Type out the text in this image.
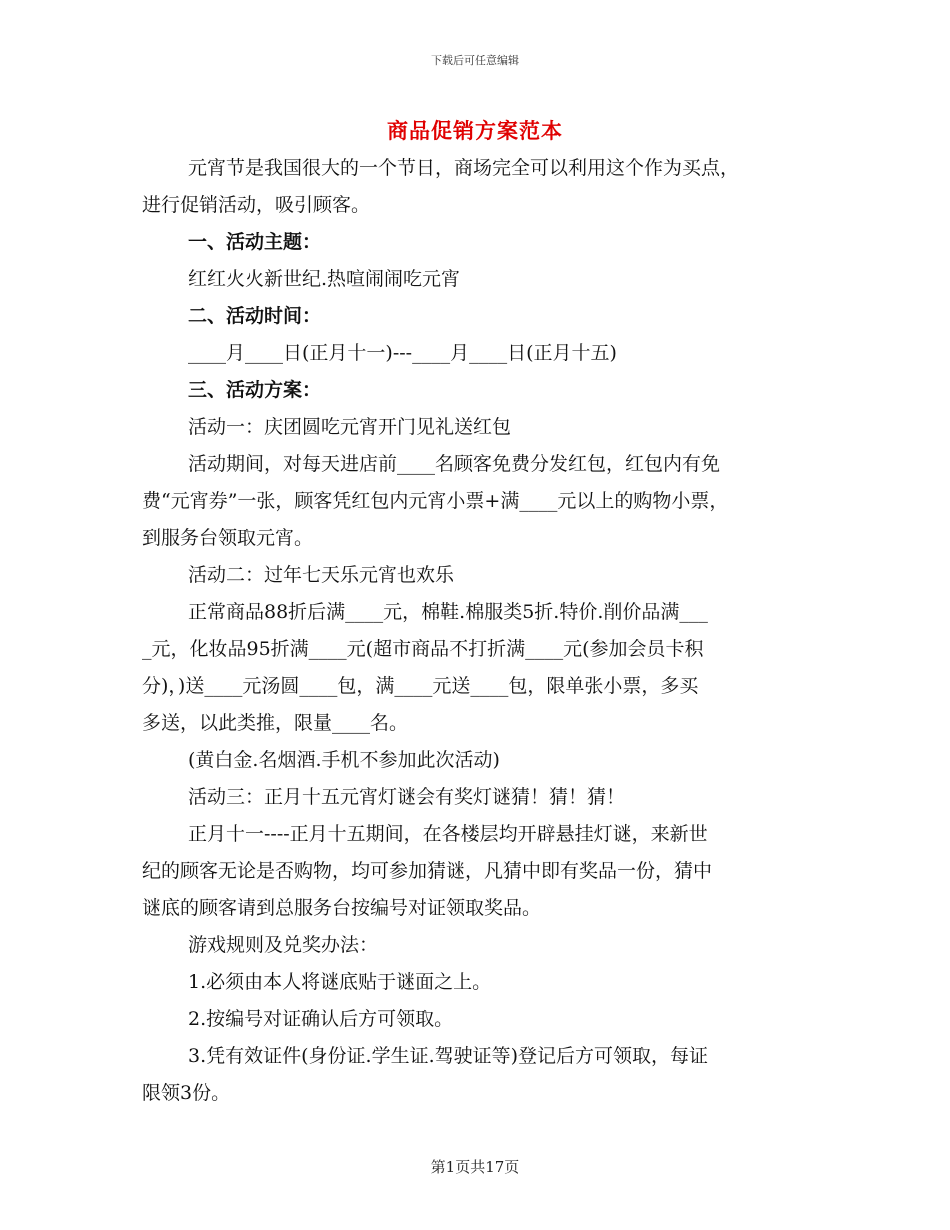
下载后可任意编辑
商品促销方案范本

元宵节是我国很大的一个节日，商场完全可以利用这个作为买点，

进行促销活动，吸引顾客。

一、活动主题：

红红火火新世纪.热喧闹闹吃元宵

二、活动时间：

____月____日(正月十一)---____月____日(正月十五)

三、活动方案：

活动一：庆团圆吃元宵开门见礼送红包

活动期间，对每天进店前____名顾客免费分发红包，红包内有免

费“元宵券”一张，顾客凭红包内元宵小票+满____元以上的购物小票，

到服务台领取元宵。

活动二：过年七天乐元宵也欢乐

正常商品88折后满____元，棉鞋.棉服类5折.特价.削价品满___

_元，化妆品95折满____元(超市商品不打折满____元(参加会员卡积

分)，)送____元汤圆____包，满____元送____包，限单张小票，多买

多送，以此类推，限量____名。

(黄白金.名烟酒.手机不参加此次活动)

活动三：正月十五元宵灯谜会有奖灯谜猜！猜！猜！

正月十一----正月十五期间，在各楼层均开辟悬挂灯谜，来新世

纪的顾客无论是否购物，均可参加猜谜，凡猜中即有奖品一份，猜中

谜底的顾客请到总服务台按编号对证领取奖品。

游戏规则及兑奖办法：

1.必须由本人将谜底贴于谜面之上。

2.按编号对证确认后方可领取。

3.凭有效证件(身份证.学生证.驾驶证等)登记后方可领取，每证

限领3份。

第1页共17页
